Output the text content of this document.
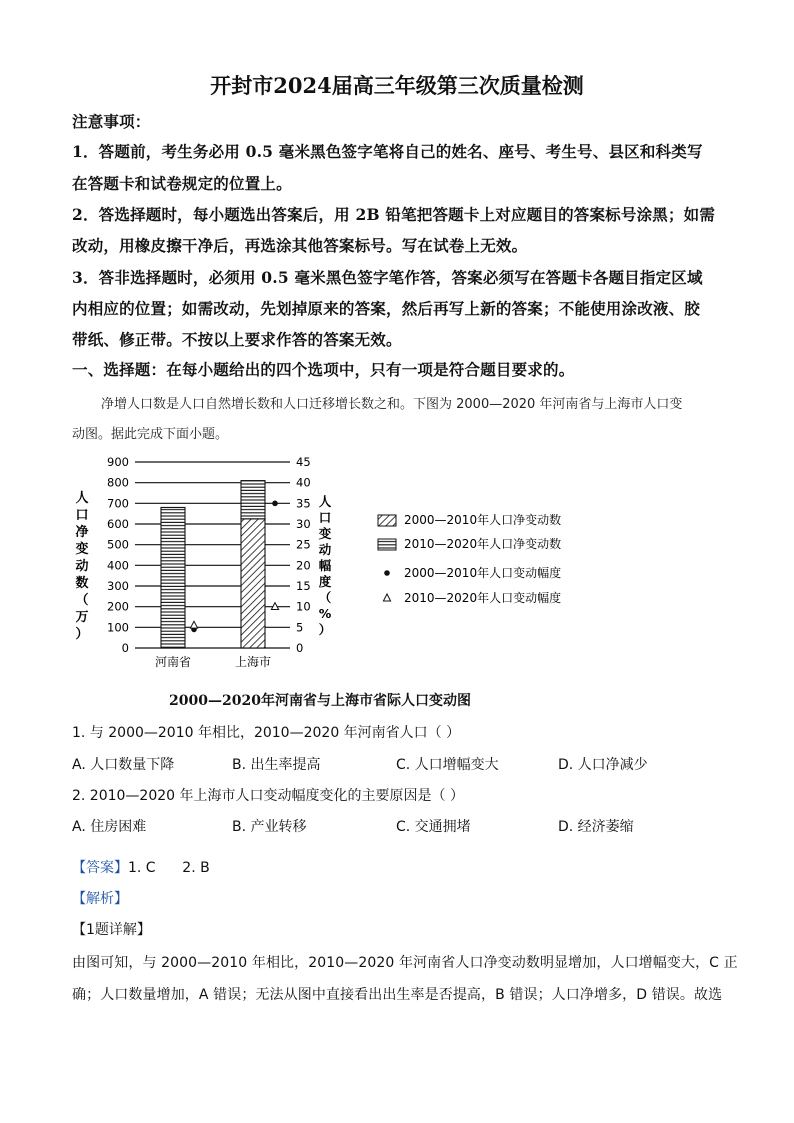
开封市2024届高三年级第三次质量检测
注意事项：
1．答题前，考生务必用 0.5 毫米黑色签字笔将自己的姓名、座号、考生号、县区和科类写
在答题卡和试卷规定的位置上。
2．答选择题时，每小题选出答案后，用 2B 铅笔把答题卡上对应题目的答案标号涂黑；如需
改动，用橡皮擦干净后，再选涂其他答案标号。写在试卷上无效。
3．答非选择题时，必须用 0.5 毫米黑色签字笔作答，答案必须写在答题卡各题目指定区域
内相应的位置；如需改动，先划掉原来的答案，然后再写上新的答案；不能使用涂改液、胶
带纸、修正带。不按以上要求作答的答案无效。
一、选择题：在每小题给出的四个选项中，只有一项是符合题目要求的。
净增人口数是人口自然增长数和人口迁移增长数之和。下图为 2000—2020 年河南省与上海市人口变
动图。据此完成下面小题。
0
100
200
300
400
500
600
700
800
900
0
5
10
15
20
25
30
35
40
45
河南省	上海市
人
口
净
变
动
数
（
万
）
人
口
变
动
幅
度
（
%
）
2000—2010年人口净变动数
2010—2020年人口净变动数
2000—2010年人口变动幅度
2010—2020年人口变动幅度
2000—2020年河南省与上海市省际人口变动图
1. 与 2000—2010 年相比，2010—2020 年河南省人口（ ）
A. 人口数量下降	B. 出生率提高	C. 人口增幅变大	D. 人口净减少
2. 2010—2020 年上海市人口变动幅度变化的主要原因是（ ）
A. 住房困难	B. 产业转移	C. 交通拥堵	D. 经济萎缩
【答案】1. C      2. B
【解析】
【1题详解】
由图可知，与 2000—2010 年相比，2010—2020 年河南省人口净变动数明显增加，人口增幅变大，C 正
确；人口数量增加，A 错误；无法从图中直接看出出生率是否提高，B 错误；人口净增多，D 错误。故选
